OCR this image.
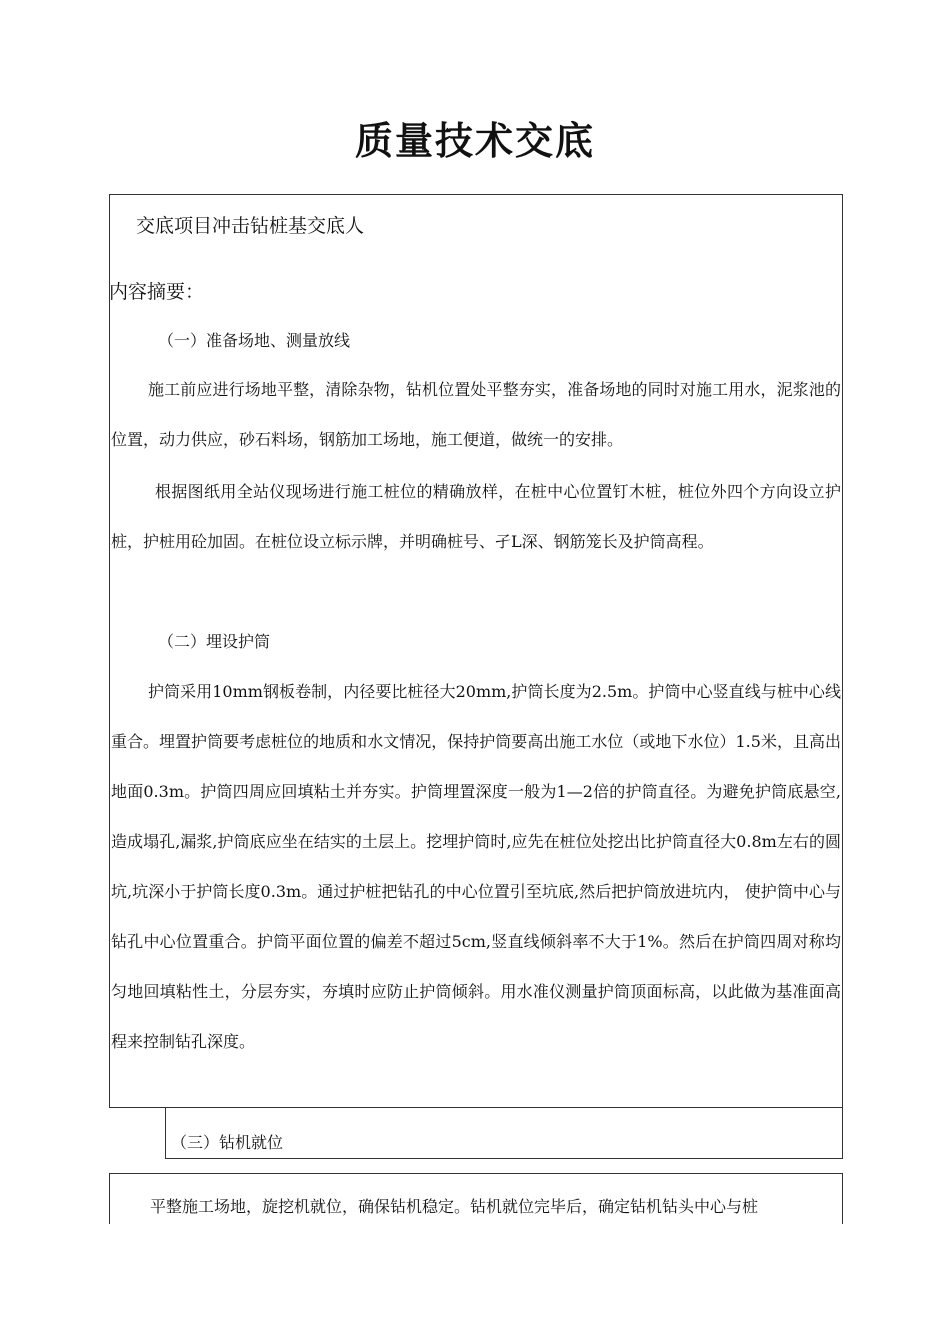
质量技术交底
交底项目冲击钻桩基交底人
内容摘要：
（一）准备场地、测量放线
施工前应进行场地平整，清除杂物，钻机位置处平整夯实，准备场地的同时对施工用水，泥浆池的位置，动力供应，砂石料场，钢筋加工场地，施工便道，做统一的安排。
根据图纸用全站仪现场进行施工桩位的精确放样，在桩中心位置钉木桩，桩位外四个方向设立护桩，护桩用砼加固。在桩位设立标示牌，并明确桩号、孑L深、钢筋笼长及护筒高程。
（二）埋设护筒
护筒采用10mm钢板卷制，内径要比桩径大20mm,护筒长度为2.5m。护筒中心竖直线与桩中心线重合。埋置护筒要考虑桩位的地质和水文情况，保持护筒要高出施工水位（或地下水位）1.5米，且高出地面0.3m。护筒四周应回填粘土并夯实。护筒埋置深度一般为1—2倍的护筒直径。为避免护筒底悬空,造成塌孔,漏浆,护筒底应坐在结实的土层上。挖埋护筒时,应先在桩位处挖出比护筒直径大0.8m左右的圆坑,坑深小于护筒长度0.3m。通过护桩把钻孔的中心位置引至坑底,然后把护筒放进坑内， 使护筒中心与钻孔中心位置重合。护筒平面位置的偏差不超过5cm,竖直线倾斜率不大于1%。然后在护筒四周对称均匀地回填粘性土，分层夯实，夯填时应防止护筒倾斜。用水准仪测量护筒顶面标高，以此做为基准面高程来控制钻孔深度。
（三）钻机就位
平整施工场地，旋挖机就位，确保钻机稳定。钻机就位完毕后，确定钻机钻头中心与桩
